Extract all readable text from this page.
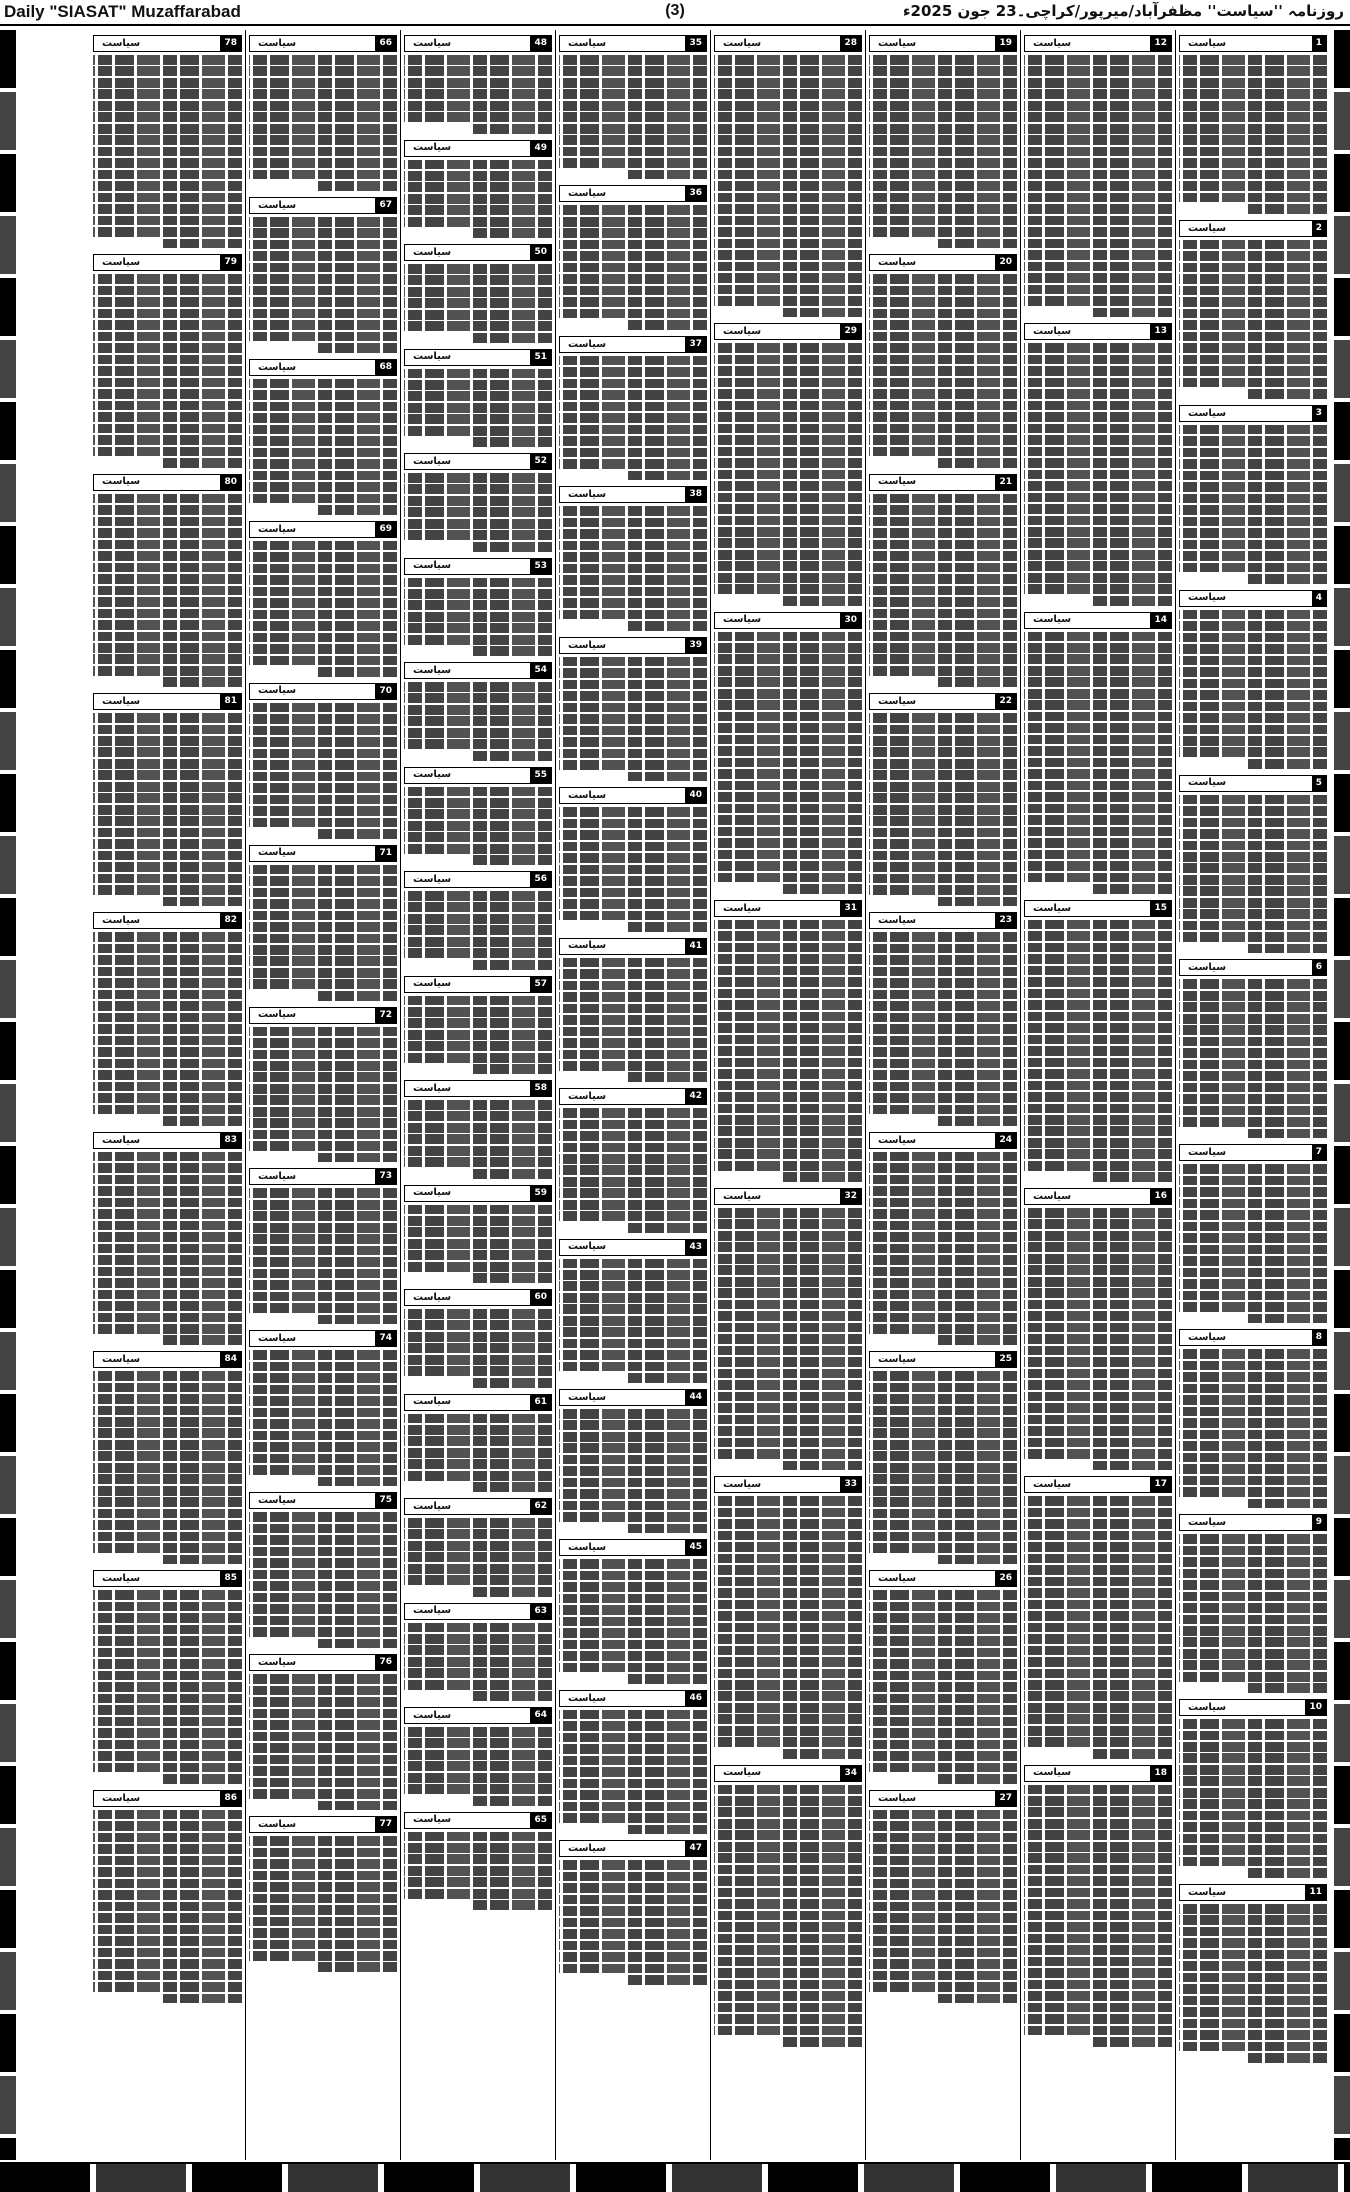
Daily "SIASAT" Muzaffarabad	(3)	روزنامہ ''سیاست'' مظفرآباد/میرپور/کراچی۔23 جون 2025ء
1
سیاست
2
سیاست
3
سیاست
4
سیاست
5
سیاست
6
سیاست
7
سیاست
8
سیاست
9
سیاست
10
سیاست
11
سیاست
12
سیاست
13
سیاست
14
سیاست
15
سیاست
16
سیاست
17
سیاست
18
سیاست
19
سیاست
20
سیاست
21
سیاست
22
سیاست
23
سیاست
24
سیاست
25
سیاست
26
سیاست
27
سیاست
28
سیاست
29
سیاست
30
سیاست
31
سیاست
32
سیاست
33
سیاست
34
سیاست
35
سیاست
36
سیاست
37
سیاست
38
سیاست
39
سیاست
40
سیاست
41
سیاست
42
سیاست
43
سیاست
44
سیاست
45
سیاست
46
سیاست
47
سیاست
48
سیاست
49
سیاست
50
سیاست
51
سیاست
52
سیاست
53
سیاست
54
سیاست
55
سیاست
56
سیاست
57
سیاست
58
سیاست
59
سیاست
60
سیاست
61
سیاست
62
سیاست
63
سیاست
64
سیاست
65
سیاست
66
سیاست
67
سیاست
68
سیاست
69
سیاست
70
سیاست
71
سیاست
72
سیاست
73
سیاست
74
سیاست
75
سیاست
76
سیاست
77
سیاست
78
سیاست
79
سیاست
80
سیاست
81
سیاست
82
سیاست
83
سیاست
84
سیاست
85
سیاست
86
سیاست
